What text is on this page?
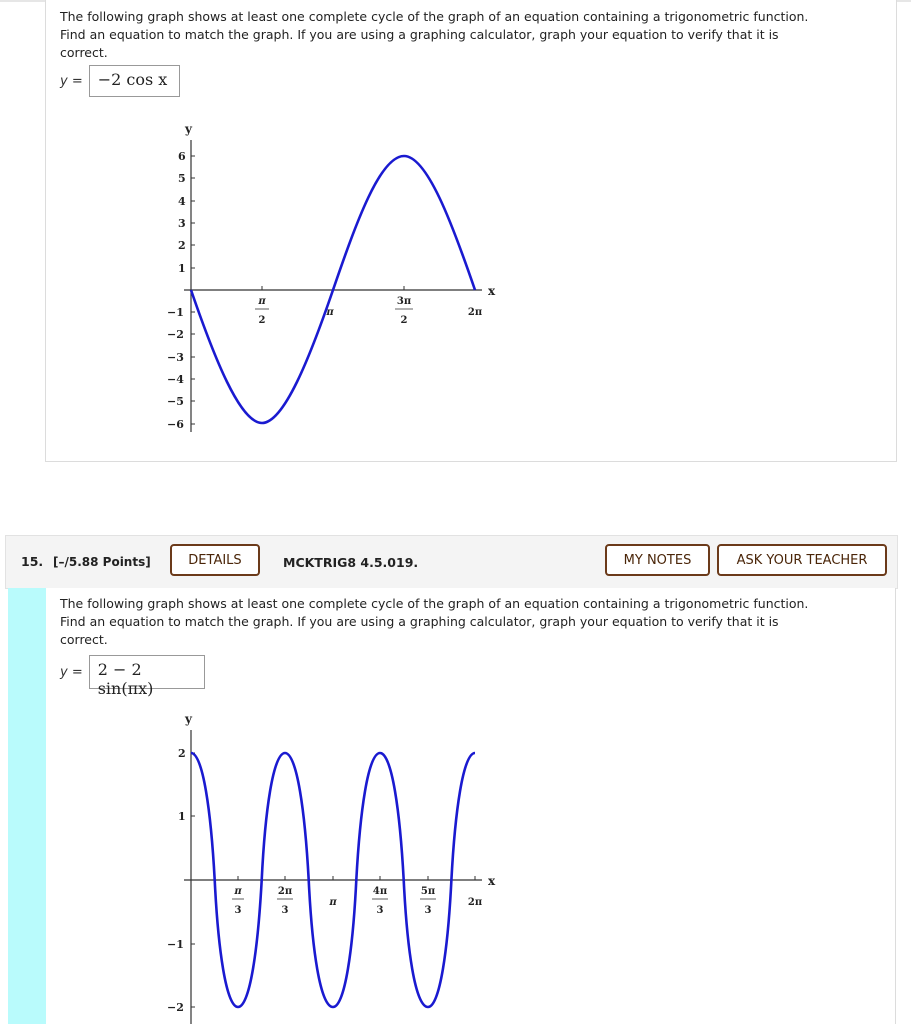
The following graph shows at least one complete cycle of the graph of an equation containing a trigonometric function.
Find an equation to match the graph. If you are using a graphing calculator, graph your equation to verify that it is
correct.
y = −2 cos x
y
x
6
5
4
3
2
1
−1
−2
−3
−4
−5
−6
π
2
π
3π
2
2π
15. [–/5.88 Points]	DETAILS	MCKTRIG8 4.5.019.	MY NOTES	ASK YOUR TEACHER
The following graph shows at least one complete cycle of the graph of an equation containing a trigonometric function.
Find an equation to match the graph. If you are using a graphing calculator, graph your equation to verify that it is
correct.
y = 2 − 2 sin(πx)
y
x
2
1
−1
−2
π
3
2π
3
π
4π
3
5π
3
2π
